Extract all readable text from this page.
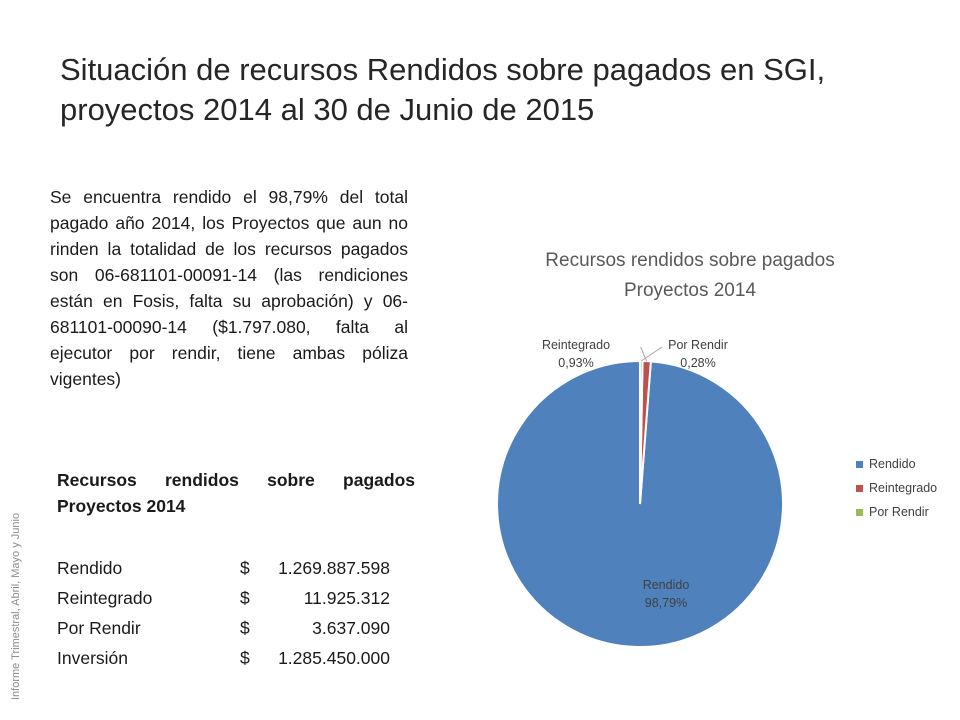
Situación de recursos Rendidos sobre pagados en SGI,
proyectos 2014 al 30 de Junio de 2015
Informe Trimestral, Abril, Mayo y Junio
Se encuentra rendido el 98,79% del total pagado año 2014, los Proyectos que aun no rinden la totalidad de los recursos pagados son 06-681101-00091-14 (las rendiciones están en Fosis, falta su aprobación) y 06-681101-00090-14 ($1.797.080, falta al ejecutor por rendir, tiene ambas póliza vigentes)
Recursos rendidos sobre pagados
Proyectos 2014
Rendido	$ 1.269.887.598
Reintegrado	$ 11.925.312
Por Rendir	$ 3.637.090
Inversión	$ 1.285.450.000
Recursos rendidos sobre pagados
Proyectos 2014
Rendido
98,79%
Reintegrado
0,93%
Por Rendir
0,28%
Rendido
Reintegrado
Por Rendir
